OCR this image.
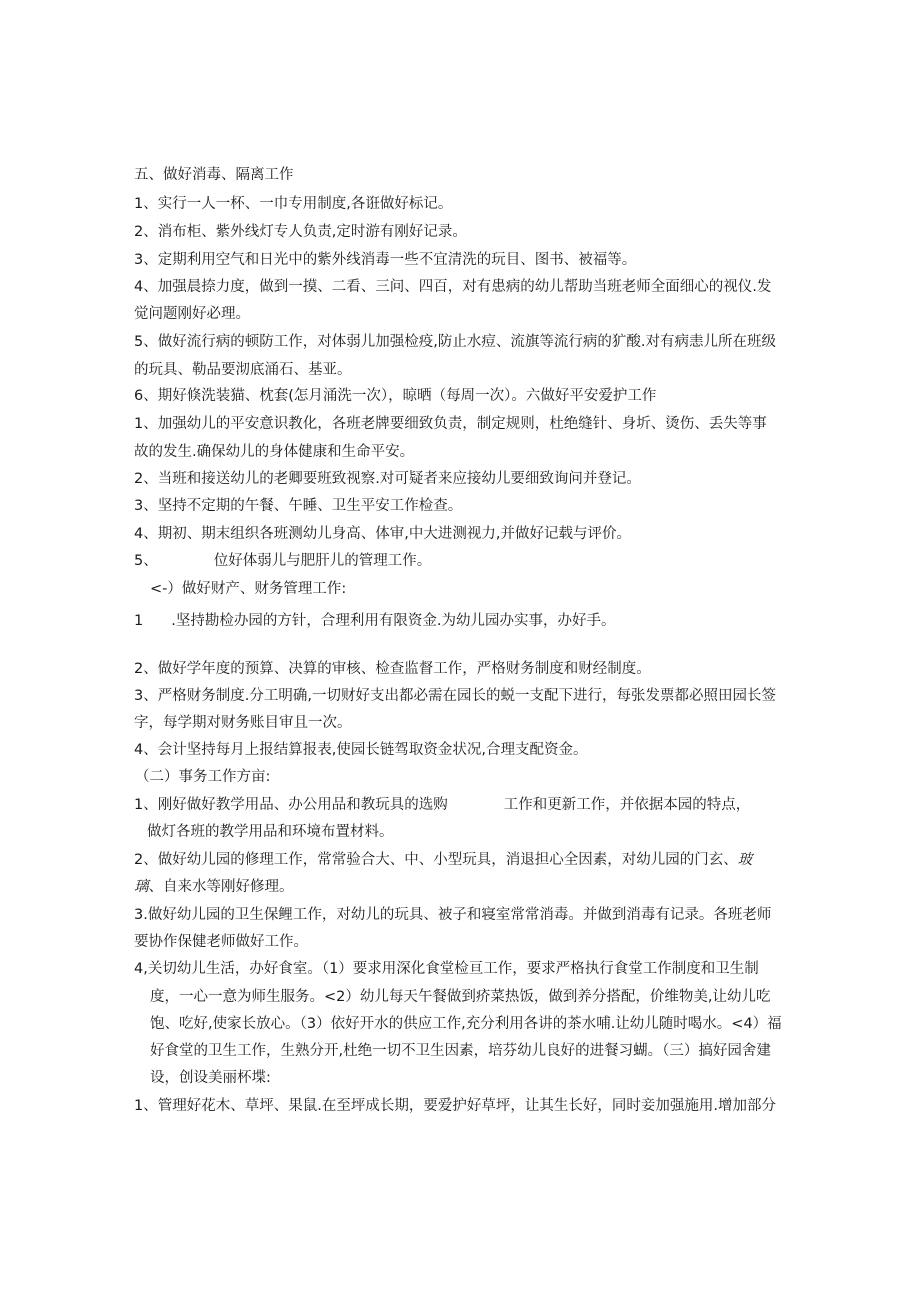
五、做好消毒、隔离工作
1、实行一人一杯、一巾专用制度,各诳做好标记。
2、消布柜、紫外线灯专人负责,定时游有刚好记录。
3、定期利用空气和日光中的紫外线消毒一些不宜清洗的玩目、图书、被福等。
4、加强晨捺力度，做到一摸、二看、三问、四百，对有患病的幼儿帮助当班老师全面细心的视仪.发
觉问题刚好必理。
5、做好流行病的顿防工作，对体弱儿加强检疫,防止水痘、流旗等流行病的犷酸.对有病恚儿所在班级
的玩具、勒品要沏底涌石、基亚。
6、期好倏洗装猫、枕套(怎月涌洗一次），晾晒（每周一次）。六做好平安爱护工作
1、加强幼儿的平安意识教化，各班老牌要细致负责，制定规则，杜绝缝针、身圻、烫伤、丢失等事
故的发生.确保幼儿的身体健康和生命平安。
2、当班和接送幼儿的老卿要班致视察.对可疑者来应接幼儿要细致询问并登记。
3、坚持不定期的午餐、午睡、卫生平安工作检查。
4、期初、期末组织各班测幼儿身高、体审,中大进测视力,并做好记载与评价。
5、	位好体弱儿与肥肝儿的管理工作。
<-）做好财产、财务管理工作:
1 .坚持勘检办园的方针，合理利用有限资金.为幼儿园办实事，办好手。
2、做好学年度的预算、决算的审核、检查监督工作，严格财务制度和财经制度。
3、严格财务制度.分工明确,一切财好支出都必需在园长的蜕一支配下进行，每张发票都必照田园长签
字，每学期对财务账目审且一次。
4、会计坚持每月上报结算报表,使园长链驾取资金状况,合理支配资金。
（二）事务工作方亩:
1、刚好做好教学用品、办公用品和教玩具的选购	工作和更新工作，并依据本园的特点，
做灯各班的教学用品和环境布置材料。
2、做好幼儿园的修理工作，常常验合大、中、小型玩具，消退担心全因素，对幼儿园的门玄、玻
璃、自来水等刚好修理。
3.做好幼儿园的卫生保鲤工作，对幼儿的玩具、被子和寝室常常消毒。并做到消毒有记录。各班老师
要协作保健老师做好工作。
4,关切幼儿生活，办好食室。（1）要求用深化食堂检亘工作，要求严格执行食堂工作制度和卫生制
度，一心一意为师生服务。<2）幼儿每天午餐做到疥菜热饭，做到养分搭配，价维物美,让幼儿吃
饱、吃好,使家长放心。（3）依好开水的供应工作,充分利用各讲的茶水哺.让幼儿随时喝水。<4）福
好食堂的卫生工作，生熟分开,杜绝一切不卫生因素，培芬幼儿良好的进餐习蝴。（三）搞好园舍建
设，创设美丽杯堞:
1、管理好花木、草坪、果鼠.在至坪成长期，要爱护好草坪，让其生长好，同时妾加强施用.增加部分
